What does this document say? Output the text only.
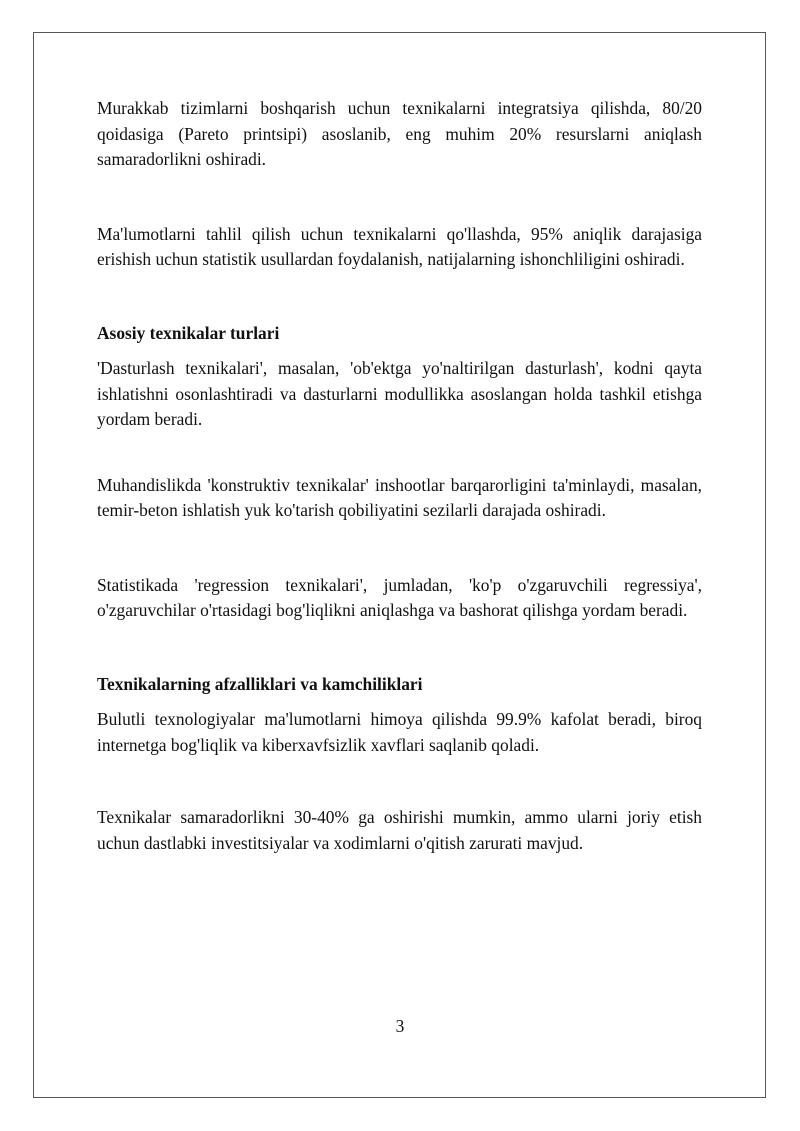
Murakkab tizimlarni boshqarish uchun texnikalarni integratsiya qilishda, 80/20 qoidasiga (Pareto printsipi) asoslanib, eng muhim 20% resurslarni aniqlash samaradorlikni oshiradi.

Ma'lumotlarni tahlil qilish uchun texnikalarni qo'llashda, 95% aniqlik darajasiga erishish uchun statistik usullardan foydalanish, natijalarning ishonchliligini oshiradi.

Asosiy texnikalar turlari

'Dasturlash texnikalari', masalan, 'ob'ektga yo'naltirilgan dasturlash', kodni qayta ishlatishni osonlashtiradi va dasturlarni modullikka asoslangan holda tashkil etishga yordam beradi.

Muhandislikda 'konstruktiv texnikalar' inshootlar barqarorligini ta'minlaydi, masalan, temir-beton ishlatish yuk ko'tarish qobiliyatini sezilarli darajada oshiradi.

Statistikada 'regression texnikalari', jumladan, 'ko'p o'zgaruvchili regressiya', o'zgaruvchilar o'rtasidagi bog'liqlikni aniqlashga va bashorat qilishga yordam beradi.

Texnikalarning afzalliklari va kamchiliklari

Bulutli texnologiyalar ma'lumotlarni himoya qilishda 99.9% kafolat beradi, biroq internetga bog'liqlik va kiberxavfsizlik xavflari saqlanib qoladi.

Texnikalar samaradorlikni 30-40% ga oshirishi mumkin, ammo ularni joriy etish uchun dastlabki investitsiyalar va xodimlarni o'qitish zarurati mavjud.

3
